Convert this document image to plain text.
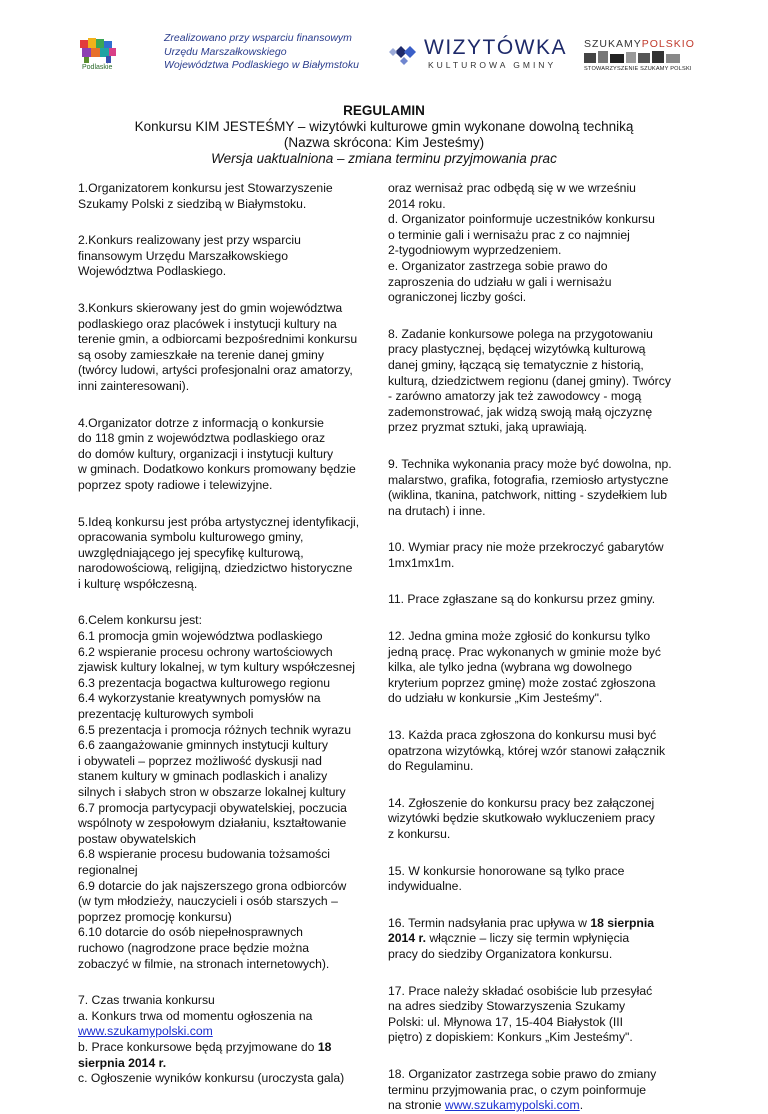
Podlaskie
Zrealizowano przy wsparciu finansowym
Urzędu Marszałkowskiego
Województwa Podlaskiego w Białymstoku
WIZYTÓWKA
KULTUROWA GMINY
SZUKAMYPOLSKIO
STOWARZYSZENIE SZUKAMY POLSKI
REGULAMIN
Konkursu KIM JESTEŚMY – wizytówki kulturowe gmin wykonane dowolną techniką
(Nazwa skrócona: Kim Jesteśmy)
Wersja uaktualniona – zmiana terminu przyjmowania prac
1.Organizatorem konkursu jest Stowarzyszenie
Szukamy Polski z siedzibą w Białymstoku.
2.Konkurs realizowany jest przy wsparciu
finansowym Urzędu Marszałkowskiego
Województwa Podlaskiego.
3.Konkurs skierowany jest do gmin województwa
podlaskiego oraz placówek i instytucji kultury na
terenie gmin, a odbiorcami bezpośrednimi konkursu
są osoby zamieszkałe na terenie danej gminy
(twórcy ludowi, artyści profesjonalni oraz amatorzy,
inni zainteresowani).
4.Organizator dotrze z informacją o konkursie
do 118 gmin z województwa podlaskiego oraz
do domów kultury, organizacji i instytucji kultury
w gminach. Dodatkowo konkurs promowany będzie
poprzez spoty radiowe i telewizyjne.
5.Ideą konkursu jest próba artystycznej identyfikacji,
opracowania symbolu kulturowego gminy,
uwzględniającego jej specyfikę kulturową,
narodowościową, religijną, dziedzictwo historyczne
i kulturę współczesną.
6.Celem konkursu jest:
6.1 promocja gmin województwa podlaskiego
6.2 wspieranie procesu ochrony wartościowych
zjawisk kultury lokalnej, w tym kultury współczesnej
6.3 prezentacja bogactwa kulturowego regionu
6.4 wykorzystanie kreatywnych pomysłów na
prezentację kulturowych symboli
6.5 prezentacja i promocja różnych technik wyrazu
6.6 zaangażowanie gminnych instytucji kultury
i obywateli – poprzez możliwość dyskusji nad
stanem kultury w gminach podlaskich i analizy
silnych i słabych stron w obszarze lokalnej kultury
6.7 promocja partycypacji obywatelskiej, poczucia
wspólnoty w zespołowym działaniu, kształtowanie
postaw obywatelskich
6.8 wspieranie procesu budowania tożsamości
regionalnej
6.9 dotarcie do jak najszerszego grona odbiorców
(w tym młodzieży, nauczycieli i osób starszych –
poprzez promocję konkursu)
6.10 dotarcie do osób niepełnosprawnych
ruchowo (nagrodzone prace będzie można
zobaczyć w filmie, na stronach internetowych).
7. Czas trwania konkursu
a. Konkurs trwa od momentu ogłoszenia na
www.szukamypolski.com
b. Prace konkursowe będą przyjmowane do 18
sierpnia 2014 r.
c. Ogłoszenie wyników konkursu (uroczysta gala)
oraz wernisaż prac odbędą się w we wrześniu
2014 roku.
d. Organizator poinformuje uczestników konkursu
o terminie gali i wernisażu prac z co najmniej
2-tygodniowym wyprzedzeniem.
e. Organizator zastrzega sobie prawo do
zaproszenia do udziału w gali i wernisażu
ograniczonej liczby gości.
8. Zadanie konkursowe polega na przygotowaniu
pracy plastycznej, będącej wizytówką kulturową
danej gminy, łączącą się tematycznie z historią,
kulturą, dziedzictwem regionu (danej gminy). Twórcy
- zarówno amatorzy jak też zawodowcy - mogą
zademonstrować, jak widzą swoją małą ojczyznę
przez pryzmat sztuki, jaką uprawiają.
9. Technika wykonania pracy może być dowolna, np.
malarstwo, grafika, fotografia, rzemiosło artystyczne
(wiklina, tkanina, patchwork, nitting - szydełkiem lub
na drutach) i inne.
10. Wymiar pracy nie może przekroczyć gabarytów
1mx1mx1m.
11. Prace zgłaszane są do konkursu przez gminy.
12. Jedna gmina może zgłosić do konkursu tylko
jedną pracę. Prac wykonanych w gminie może być
kilka, ale tylko jedna (wybrana wg dowolnego
kryterium poprzez gminę) może zostać zgłoszona
do udziału w konkursie „Kim Jesteśmy".
13. Każda praca zgłoszona do konkursu musi być
opatrzona wizytówką, której wzór stanowi załącznik
do Regulaminu.
14. Zgłoszenie do konkursu pracy bez załączonej
wizytówki będzie skutkowało wykluczeniem pracy
z konkursu.
15. W konkursie honorowane są tylko prace
indywidualne.
16. Termin nadsyłania prac upływa w 18 sierpnia
2014 r. włącznie – liczy się termin wpłynięcia
pracy do siedziby Organizatora konkursu.
17. Prace należy składać osobiście lub przesyłać
na adres siedziby Stowarzyszenia Szukamy
Polski: ul. Młynowa 17, 15-404 Białystok (III
piętro) z dopiskiem: Konkurs „Kim Jesteśmy".
18. Organizator zastrzega sobie prawo do zmiany
terminu przyjmowania prac, o czym poinformuje
na stronie www.szukamypolski.com.
